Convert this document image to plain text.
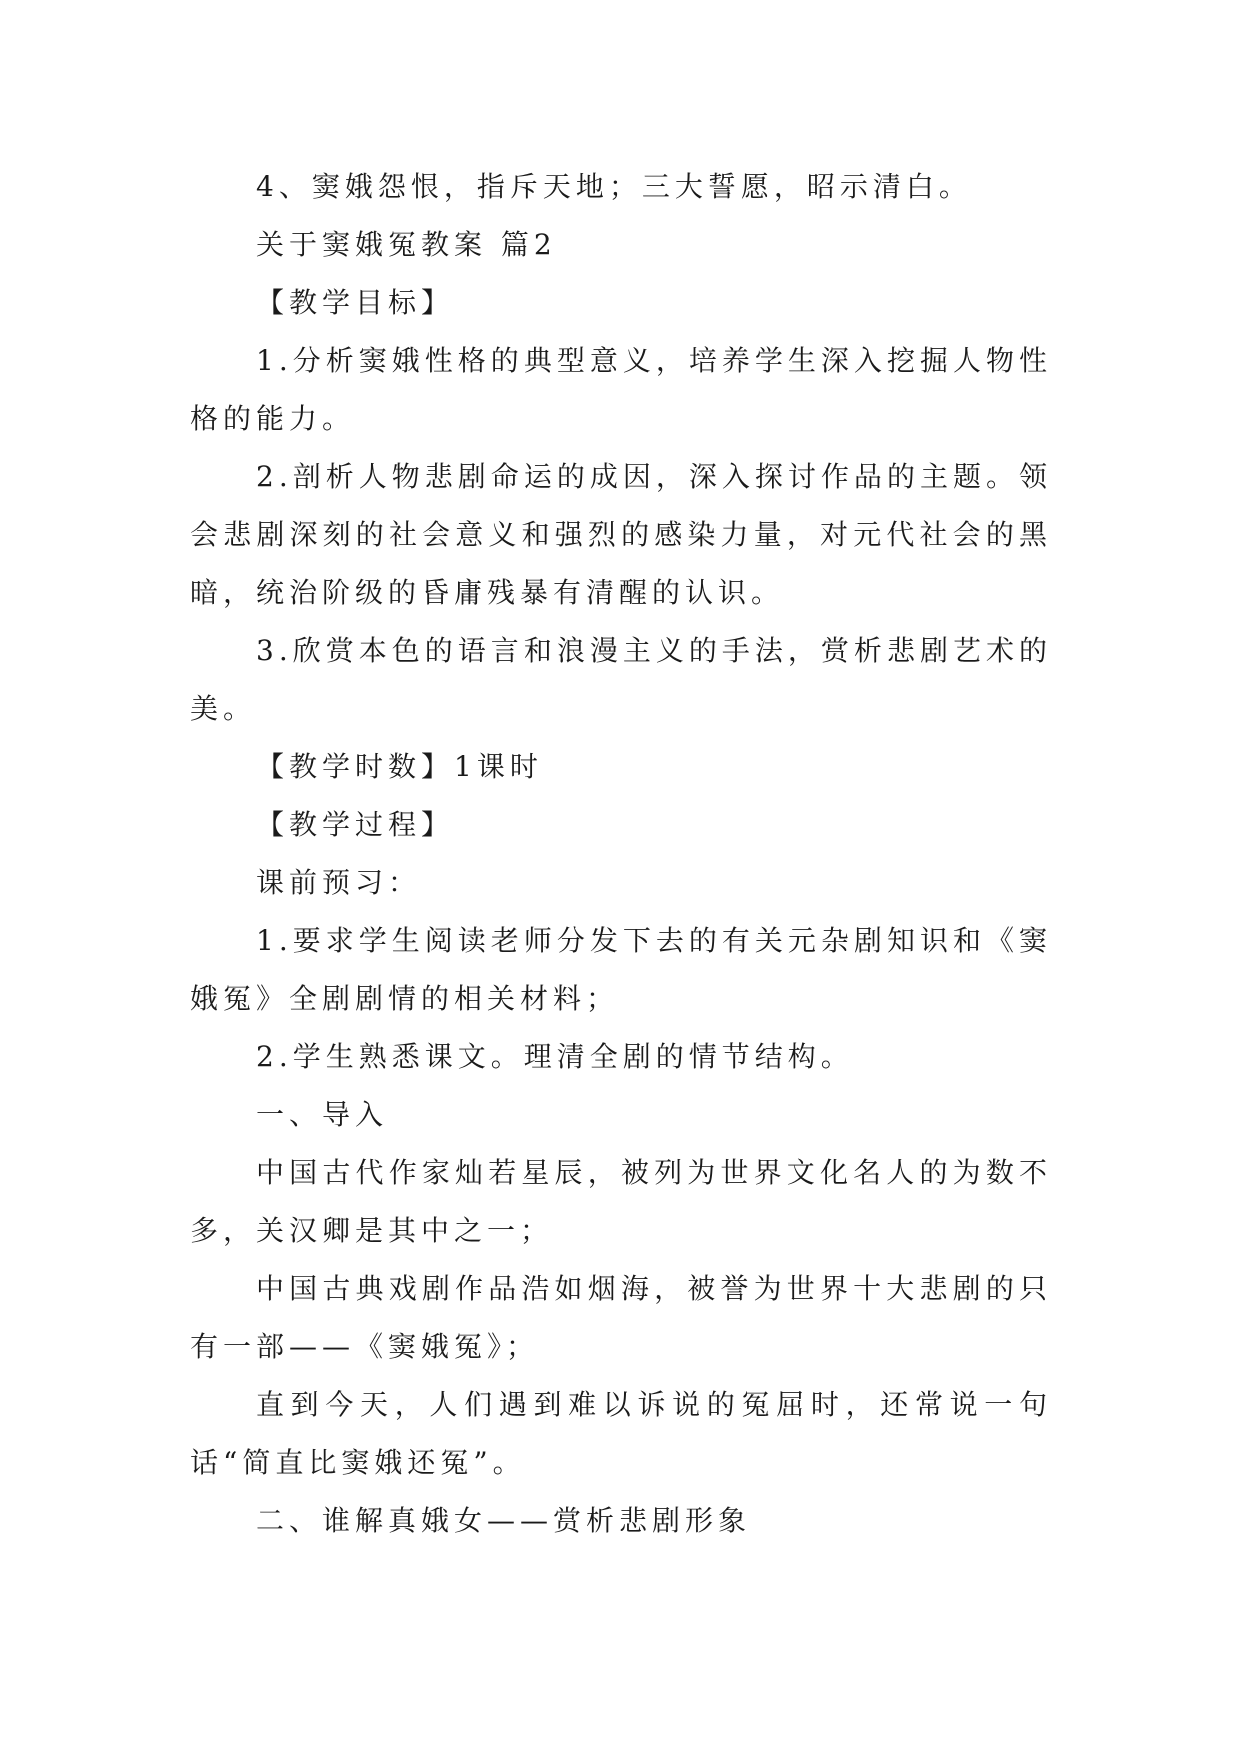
4、窦娥怨恨，指斥天地；三大誓愿，昭示清白。

关于窦娥冤教案 篇2

【教学目标】

1.分析窦娥性格的典型意义，培养学生深入挖掘人物性格的能力。

2.剖析人物悲剧命运的成因，深入探讨作品的主题。领会悲剧深刻的社会意义和强烈的感染力量，对元代社会的黑暗，统治阶级的昏庸残暴有清醒的认识。

3.欣赏本色的语言和浪漫主义的手法，赏析悲剧艺术的美。

【教学时数】1课时

【教学过程】

课前预习：

1.要求学生阅读老师分发下去的有关元杂剧知识和《窦娥冤》全剧剧情的相关材料；

2.学生熟悉课文。理清全剧的情节结构。

一、导入

中国古代作家灿若星辰，被列为世界文化名人的为数不多，关汉卿是其中之一；

中国古典戏剧作品浩如烟海，被誉为世界十大悲剧的只有一部——《窦娥冤》；

直到今天，人们遇到难以诉说的冤屈时，还常说一句话“简直比窦娥还冤”。

二、谁解真娥女——赏析悲剧形象
